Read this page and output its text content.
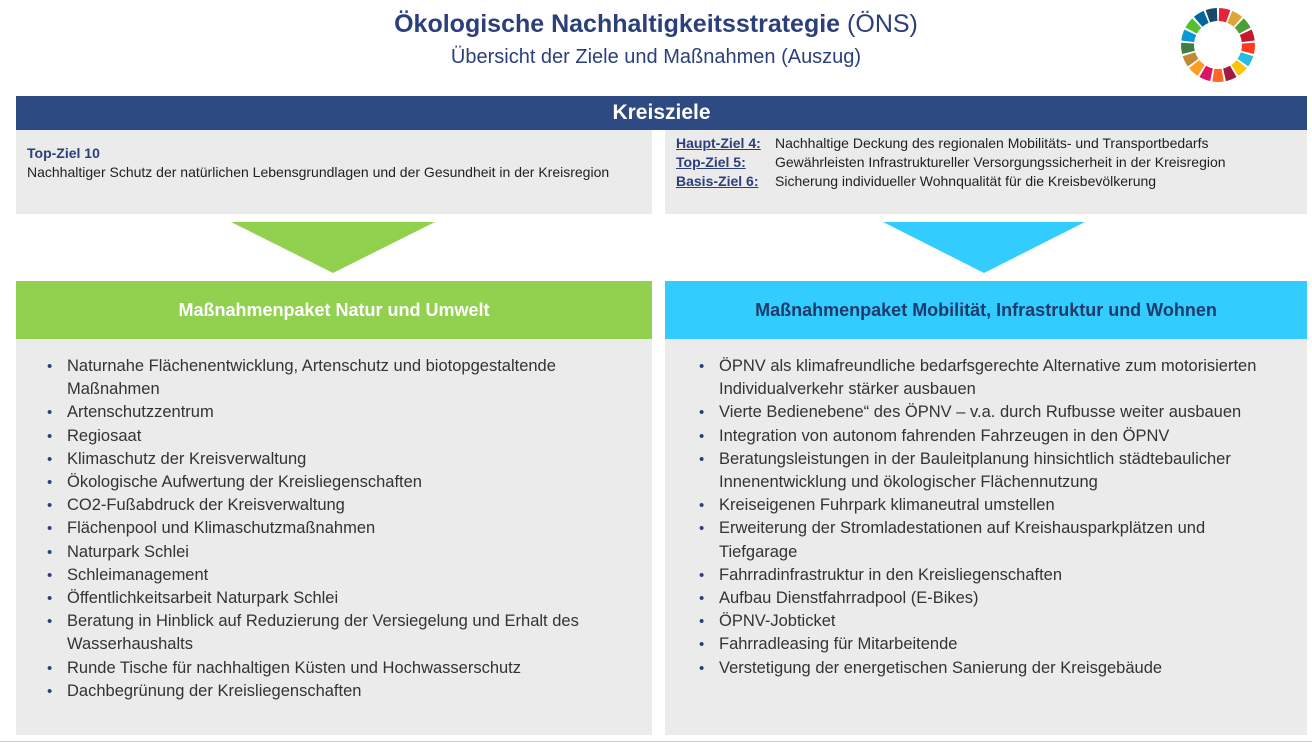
Ökologische Nachhaltigkeitsstrategie (ÖNS)
Übersicht der Ziele und Maßnahmen (Auszug)
Kreisziele
Top-Ziel 10
Nachhaltiger Schutz der natürlichen Lebensgrundlagen und der Gesundheit in der Kreisregion
Haupt-Ziel 4: Nachhaltige Deckung des regionalen Mobilitäts- und Transportbedarfs
Top-Ziel 5: Gewährleisten Infrastruktureller Versorgungssicherheit in der Kreisregion
Basis-Ziel 6: Sicherung individueller Wohnqualität für die Kreisbevölkerung
Maßnahmenpaket Natur und Umwelt	Maßnahmenpaket Mobilität, Infrastruktur und Wohnen
• Naturnahe Flächenentwicklung, Artenschutz und biotopgestaltende Maßnahmen
• Artenschutzzentrum
• Regiosaat
• Klimaschutz der Kreisverwaltung
• Ökologische Aufwertung der Kreisliegenschaften
• CO2-Fußabdruck der Kreisverwaltung
• Flächenpool und Klimaschutzmaßnahmen
• Naturpark Schlei
• Schleimanagement
• Öffentlichkeitsarbeit Naturpark Schlei
• Beratung in Hinblick auf Reduzierung der Versiegelung und Erhalt des Wasserhaushalts
• Runde Tische für nachhaltigen Küsten und Hochwasserschutz
• Dachbegrünung der Kreisliegenschaften
• ÖPNV als klimafreundliche bedarfsgerechte Alternative zum motorisierten Individualverkehr stärker ausbauen
• Vierte Bedienebene“ des ÖPNV – v.a. durch Rufbusse weiter ausbauen
• Integration von autonom fahrenden Fahrzeugen in den ÖPNV
• Beratungsleistungen in der Bauleitplanung hinsichtlich städtebaulicher Innenentwicklung und ökologischer Flächennutzung
• Kreiseigenen Fuhrpark klimaneutral umstellen
• Erweiterung der Stromladestationen auf Kreishausparkplätzen und Tiefgarage
• Fahrradinfrastruktur in den Kreisliegenschaften
• Aufbau Dienstfahrradpool (E-Bikes)
• ÖPNV-Jobticket
• Fahrradleasing für Mitarbeitende
• Verstetigung der energetischen Sanierung der Kreisgebäude
